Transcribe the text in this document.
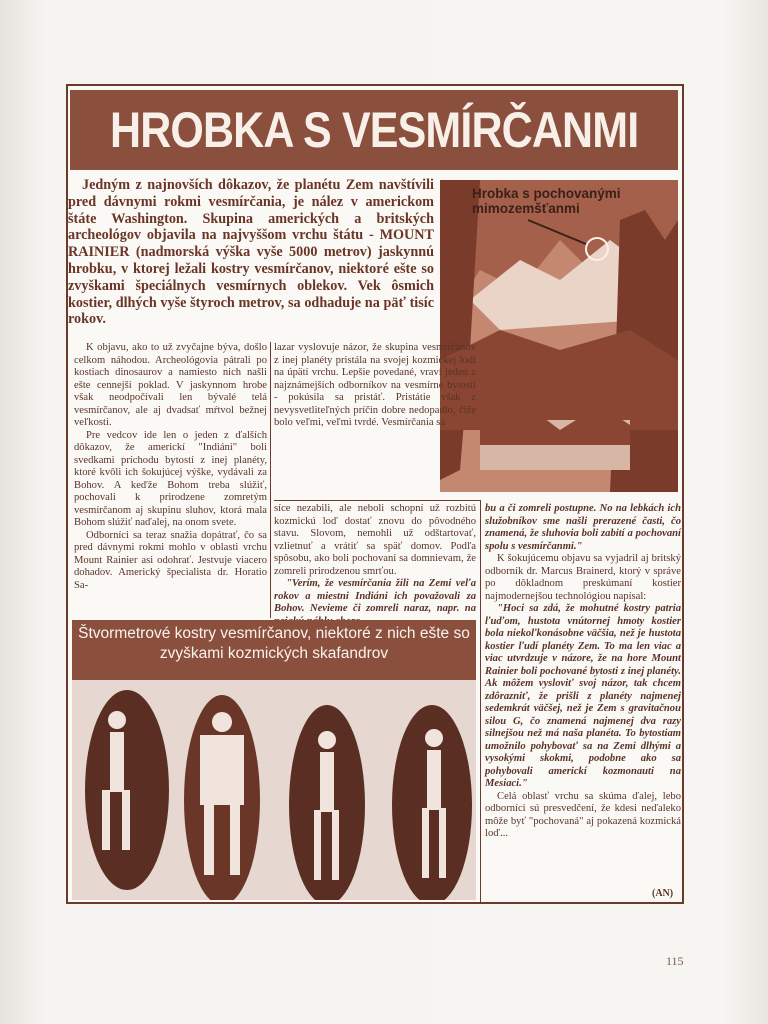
HROBKA S VESMÍRČANMI
Jedným z najnovších dôkazov, že planétu Zem navštívili pred dávnymi rokmi vesmírčania, je nález v americkom štáte Washington. Skupina amerických a britských archeológov objavila na najvyššom vrchu štátu - MOUNT RAINIER (nadmorská výška vyše 5000 metrov) jaskynnú hrobku, v ktorej ležali kostry vesmírčanov, niektoré ešte so zvyškami špeciálnych vesmírnych oblekov. Vek ôsmich kostier, dlhých vyše štyroch metrov, sa odhaduje na päť tisíc rokov.
Hrobka s pochovanými mimozemšťanmi

K objavu, ako to už zvyčajne býva, došlo celkom náhodou. Archeológovia pátrali po kostiach dinosaurov a namiesto nich našli ešte cennejší poklad. V jaskynnom hrobe však neodpočívali len bývalé telá vesmírčanov, ale aj dvadsať mŕtvol bežnej veľkosti.

Pre vedcov ide len o jeden z ďalších dôkazov, že americkí "Indiáni" boli svedkami príchodu bytostí z inej planéty, ktoré kvôli ich šokujúcej výške, vydávali za Bohov. A keďže Bohom treba slúžiť, pochovali k prirodzene zomretým vesmírčanom aj skupinu sluhov, ktorá mala Bohom slúžiť naďalej, na onom svete.

Odborníci sa teraz snažia dopátrať, čo sa pred dávnymi rokmi mohlo v oblasti vrchu Mount Rainier asi odohrať. Jestvuje viacero dohadov. Americký špecialista dr. Horatio Sa-

lazar vyslovuje názor, že skupina vesmírčanov z inej planéty pristála na svojej kozmickej lodi na úpätí vrchu. Lepšie povedané, vraví jeden z najznámejších odborníkov na vesmírne bytosti - pokúsila sa pristáť. Pristátie však z nevysvetliteľných príčin dobre nedopadlo, čiže bolo veľmi, veľmi tvrdé. Vesmírčania sa

síce nezabili, ale neboli schopní už rozbitú kozmickú loď dostať znovu do pôvodného stavu. Slovom, nemohli už odštartovať, vzlietnuť a vrátiť sa späť domov. Podľa spôsobu, ako boli pochovaní sa domnievam, že zomreli prirodzenou smrťou.

"Verím, že vesmírčania žili na Zemi veľa rokov a miestni Indiáni ich považovali za Bohov. Nevieme či zomreli naraz, napr. na

bu a či zomreli postupne. No na lebkách ich služobníkov sme našli prerazené časti, čo znamená, že sluhovia boli zabití a pochovaní spolu s vesmírčanmi."

K šokujúcemu objavu sa vyjadril aj britský odborník dr. Marcus Brainerd, ktorý v správe po dôkladnom preskúmaní kostier najmodernejšou technológiou napísal:

"Hoci sa zdá, že mohutné kostry patria ľuďom, hustota vnútornej hmoty kostier bola niekoľkonásobne väčšia, než je hustota kostier ľudí planéty Zem. To ma len viac a viac utvrdzuje v názore, že na hore Mount Rainier boli pochované bytosti z inej planéty. Ak môžem vysloviť svoj názor, tak chcem zdôrazniť, že prišli z planéty najmenej sedemkrát väčšej, než je Zem s gravitačnou silou G, čo znamená najmenej dva razy silnejšou než má naša planéta. To bytostiam umožnilo pohybovať sa na Zemi dlhými a vysokými skokmi, podobne ako sa pohybovali americkí kozmonauti na Mesiaci."

Celá oblasť vrchu sa skúma ďalej, lebo odborníci sú presvedčení, že kdesi neďaleko môže byť "pochovaná" aj pokazená kozmická loď...

Štvormetrové kostry vesmírčanov, niektoré z nich ešte so zvyškami kozmických skafandrov
(AN)
115
